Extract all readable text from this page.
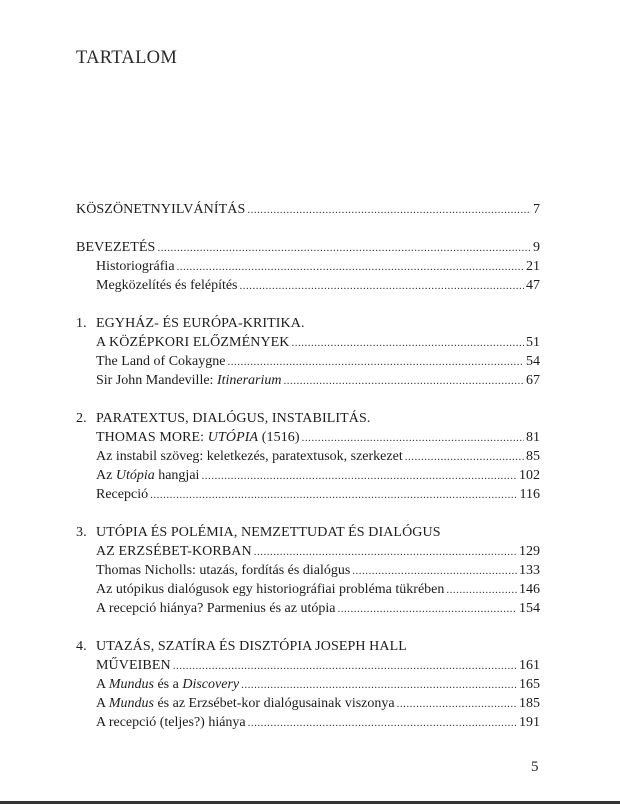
TARTALOM
KÖSZÖNETNYILVÁNÍTÁS .....	7
BEVEZETÉS .....	9
Historiográfia .....	21
Megközelítés és felépítés .....	47
1. EGYHÁZ- ÉS EURÓPA-KRITIKA.
A KÖZÉPKORI ELŐZMÉNYEK .....	51
The Land of Cokaygne .....	54
Sir John Mandeville: Itinerarium .....	67
2. PARATEXTUS, DIALÓGUS, INSTABILITÁS.
THOMAS MORE: UTÓPIA (1516) .....	81
Az instabil szöveg: keletkezés, paratextusok, szerkezet .....	85
Az Utópia hangjai .....	102
Recepció .....	116
3. UTÓPIA ÉS POLÉMIA, NEMZETTUDAT ÉS DIALÓGUS
AZ ERZSÉBET-KORBAN .....	129
Thomas Nicholls: utazás, fordítás és dialógus .....	133
Az utópikus dialógusok egy historiográfiai probléma tükrében .....	146
A recepció hiánya? Parmenius és az utópia .....	154
4. UTAZÁS, SZATÍRA ÉS DISZTÓPIA JOSEPH HALL
MŰVEIBEN .....	161
A Mundus és a Discovery .....	165
A Mundus és az Erzsébet-kor dialógusainak viszonya .....	185
A recepció (teljes?) hiánya .....	191
5
